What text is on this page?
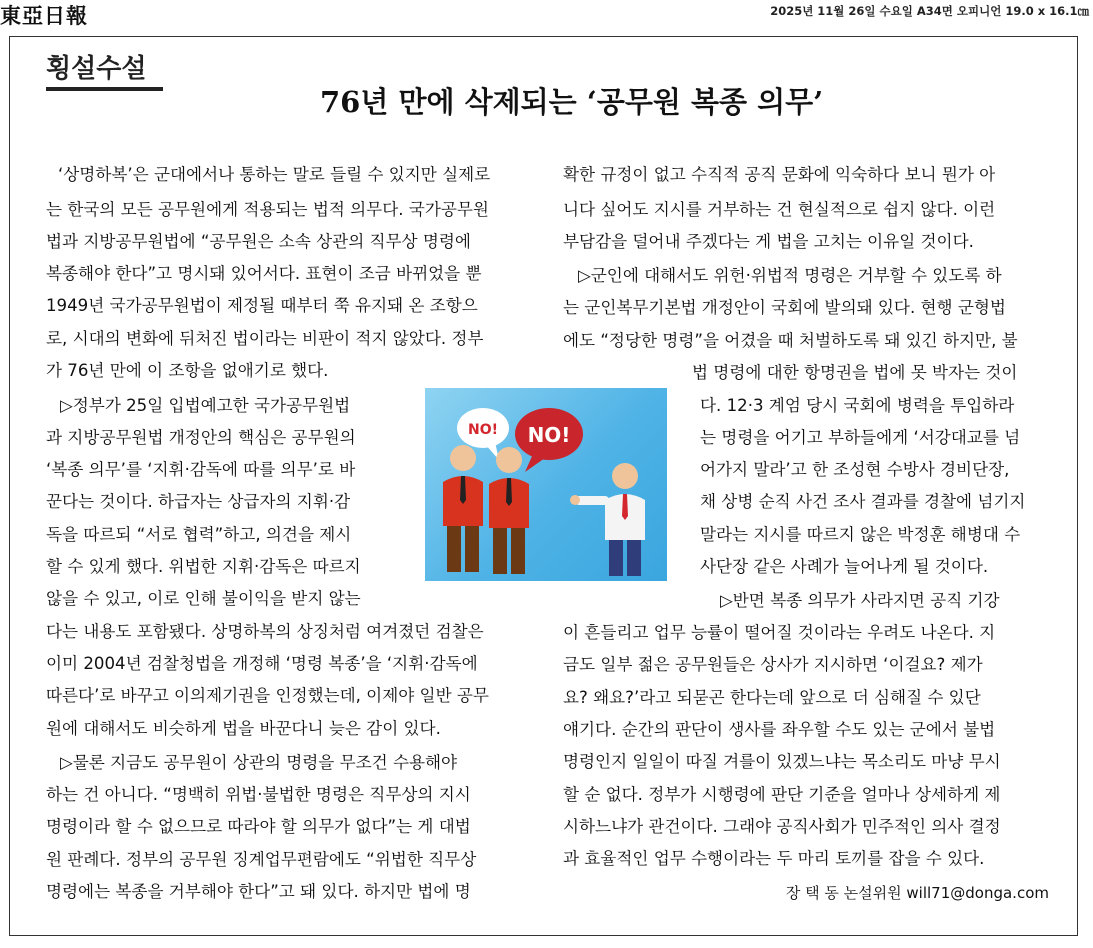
東亞日報	2025년 11월 26일 수요일 A34면 오피니언 19.0 x 16.1㎝
횡설수설
76년 만에 삭제되는 ‘공무원 복종 의무’
‘상명하복’은 군대에서나 통하는 말로 들릴 수 있지만 실제로
는 한국의 모든 공무원에게 적용되는 법적 의무다. 국가공무원
법과 지방공무원법에 “공무원은 소속 상관의 직무상 명령에
복종해야 한다”고 명시돼 있어서다. 표현이 조금 바뀌었을 뿐
1949년 국가공무원법이 제정될 때부터 쭉 유지돼 온 조항으
로, 시대의 변화에 뒤처진 법이라는 비판이 적지 않았다. 정부
가 76년 만에 이 조항을 없애기로 했다.
▷정부가 25일 입법예고한 국가공무원법
과 지방공무원법 개정안의 핵심은 공무원의
‘복종 의무’를 ‘지휘·감독에 따를 의무’로 바
꾼다는 것이다. 하급자는 상급자의 지휘·감
독을 따르되 “서로 협력”하고, 의견을 제시
할 수 있게 했다. 위법한 지휘·감독은 따르지
않을 수 있고, 이로 인해 불이익을 받지 않는
다는 내용도 포함됐다. 상명하복의 상징처럼 여겨졌던 검찰은
이미 2004년 검찰청법을 개정해 ‘명령 복종’을 ‘지휘·감독에
따른다’로 바꾸고 이의제기권을 인정했는데, 이제야 일반 공무
원에 대해서도 비슷하게 법을 바꾼다니 늦은 감이 있다.
▷물론 지금도 공무원이 상관의 명령을 무조건 수용해야
하는 건 아니다. “명백히 위법·불법한 명령은 직무상의 지시
명령이라 할 수 없으므로 따라야 할 의무가 없다”는 게 대법
원 판례다. 정부의 공무원 징계업무편람에도 “위법한 직무상
명령에는 복종을 거부해야 한다”고 돼 있다. 하지만 법에 명
확한 규정이 없고 수직적 공직 문화에 익숙하다 보니 뭔가 아
니다 싶어도 지시를 거부하는 건 현실적으로 쉽지 않다. 이런
부담감을 덜어내 주겠다는 게 법을 고치는 이유일 것이다.
▷군인에 대해서도 위헌·위법적 명령은 거부할 수 있도록 하
는 군인복무기본법 개정안이 국회에 발의돼 있다. 현행 군형법
에도 “정당한 명령”을 어겼을 때 처벌하도록 돼 있긴 하지만, 불
법 명령에 대한 항명권을 법에 못 박자는 것이
다. 12·3 계엄 당시 국회에 병력을 투입하라
는 명령을 어기고 부하들에게 ‘서강대교를 넘
어가지 말라’고 한 조성현 수방사 경비단장,
채 상병 순직 사건 조사 결과를 경찰에 넘기지
말라는 지시를 따르지 않은 박정훈 해병대 수
사단장 같은 사례가 늘어나게 될 것이다.
▷반면 복종 의무가 사라지면 공직 기강
이 흔들리고 업무 능률이 떨어질 것이라는 우려도 나온다. 지
금도 일부 젊은 공무원들은 상사가 지시하면 ‘이걸요? 제가
요? 왜요?’라고 되묻곤 한다는데 앞으로 더 심해질 수 있단
얘기다. 순간의 판단이 생사를 좌우할 수도 있는 군에서 불법
명령인지 일일이 따질 겨를이 있겠느냐는 목소리도 마냥 무시
할 순 없다. 정부가 시행령에 판단 기준을 얼마나 상세하게 제
시하느냐가 관건이다. 그래야 공직사회가 민주적인 의사 결정
과 효율적인 업무 수행이라는 두 마리 토끼를 잡을 수 있다.
NO! NO!
장 택 동 논설위원 will71@donga.com
